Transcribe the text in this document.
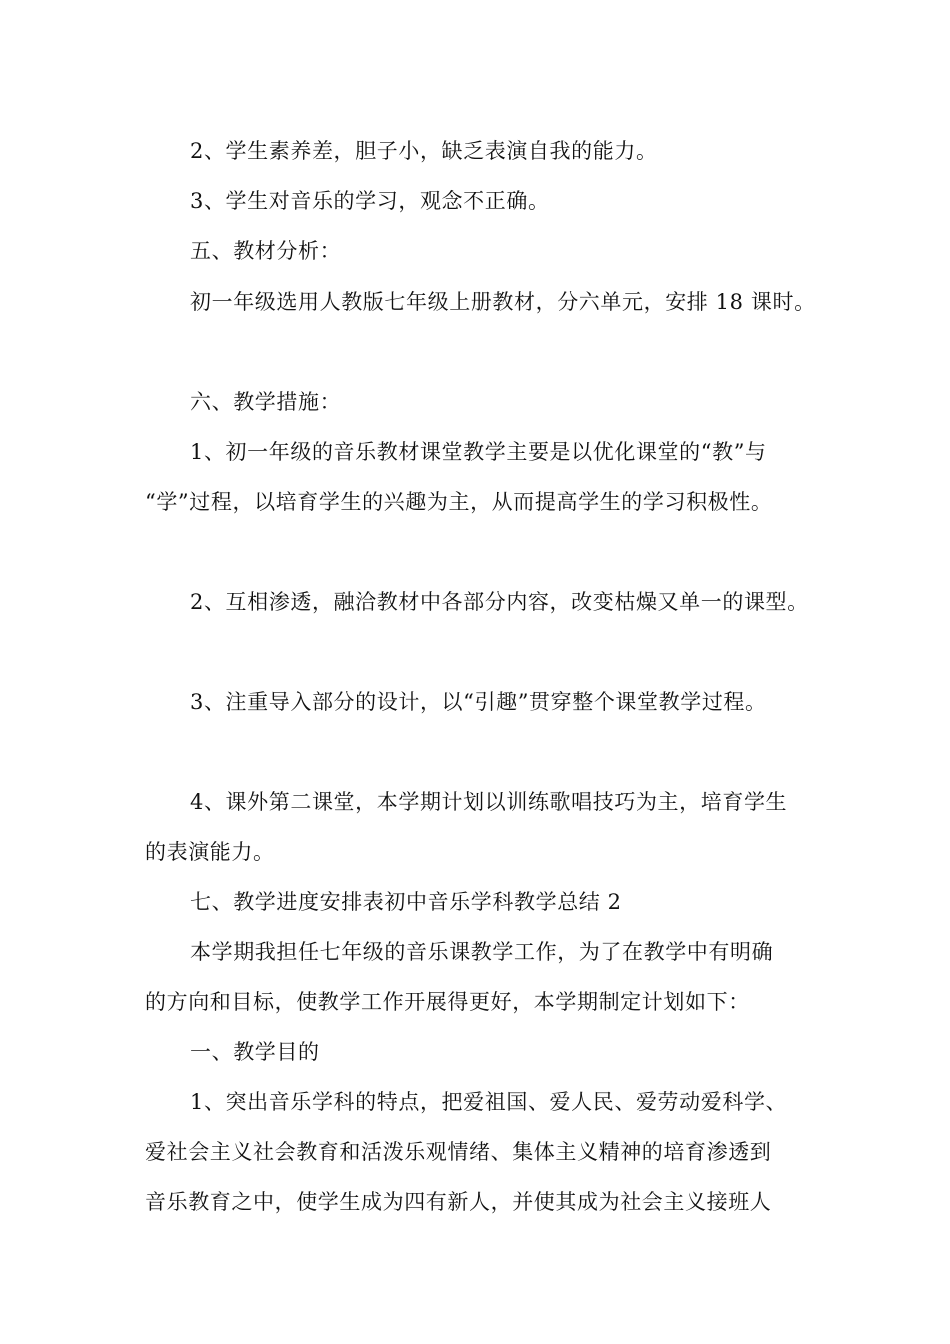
2、学生素养差，胆子小，缺乏表演自我的能力。
3、学生对音乐的学习，观念不正确。
五、教材分析：
初一年级选用人教版七年级上册教材，分六单元，安排 18 课时。
六、教学措施：
1、初一年级的音乐教材课堂教学主要是以优化课堂的“教”与
“学”过程，以培育学生的兴趣为主，从而提高学生的学习积极性。
2、互相渗透，融洽教材中各部分内容，改变枯燥又单一的课型。
3、注重导入部分的设计，以“引趣”贯穿整个课堂教学过程。
4、课外第二课堂，本学期计划以训练歌唱技巧为主，培育学生
的表演能力。
七、教学进度安排表初中音乐学科教学总结 2
本学期我担任七年级的音乐课教学工作，为了在教学中有明确
的方向和目标，使教学工作开展得更好，本学期制定计划如下：
一、教学目的
1、突出音乐学科的特点，把爱祖国、爱人民、爱劳动爱科学、
爱社会主义社会教育和活泼乐观情绪、集体主义精神的培育渗透到
音乐教育之中，使学生成为四有新人，并使其成为社会主义接班人
